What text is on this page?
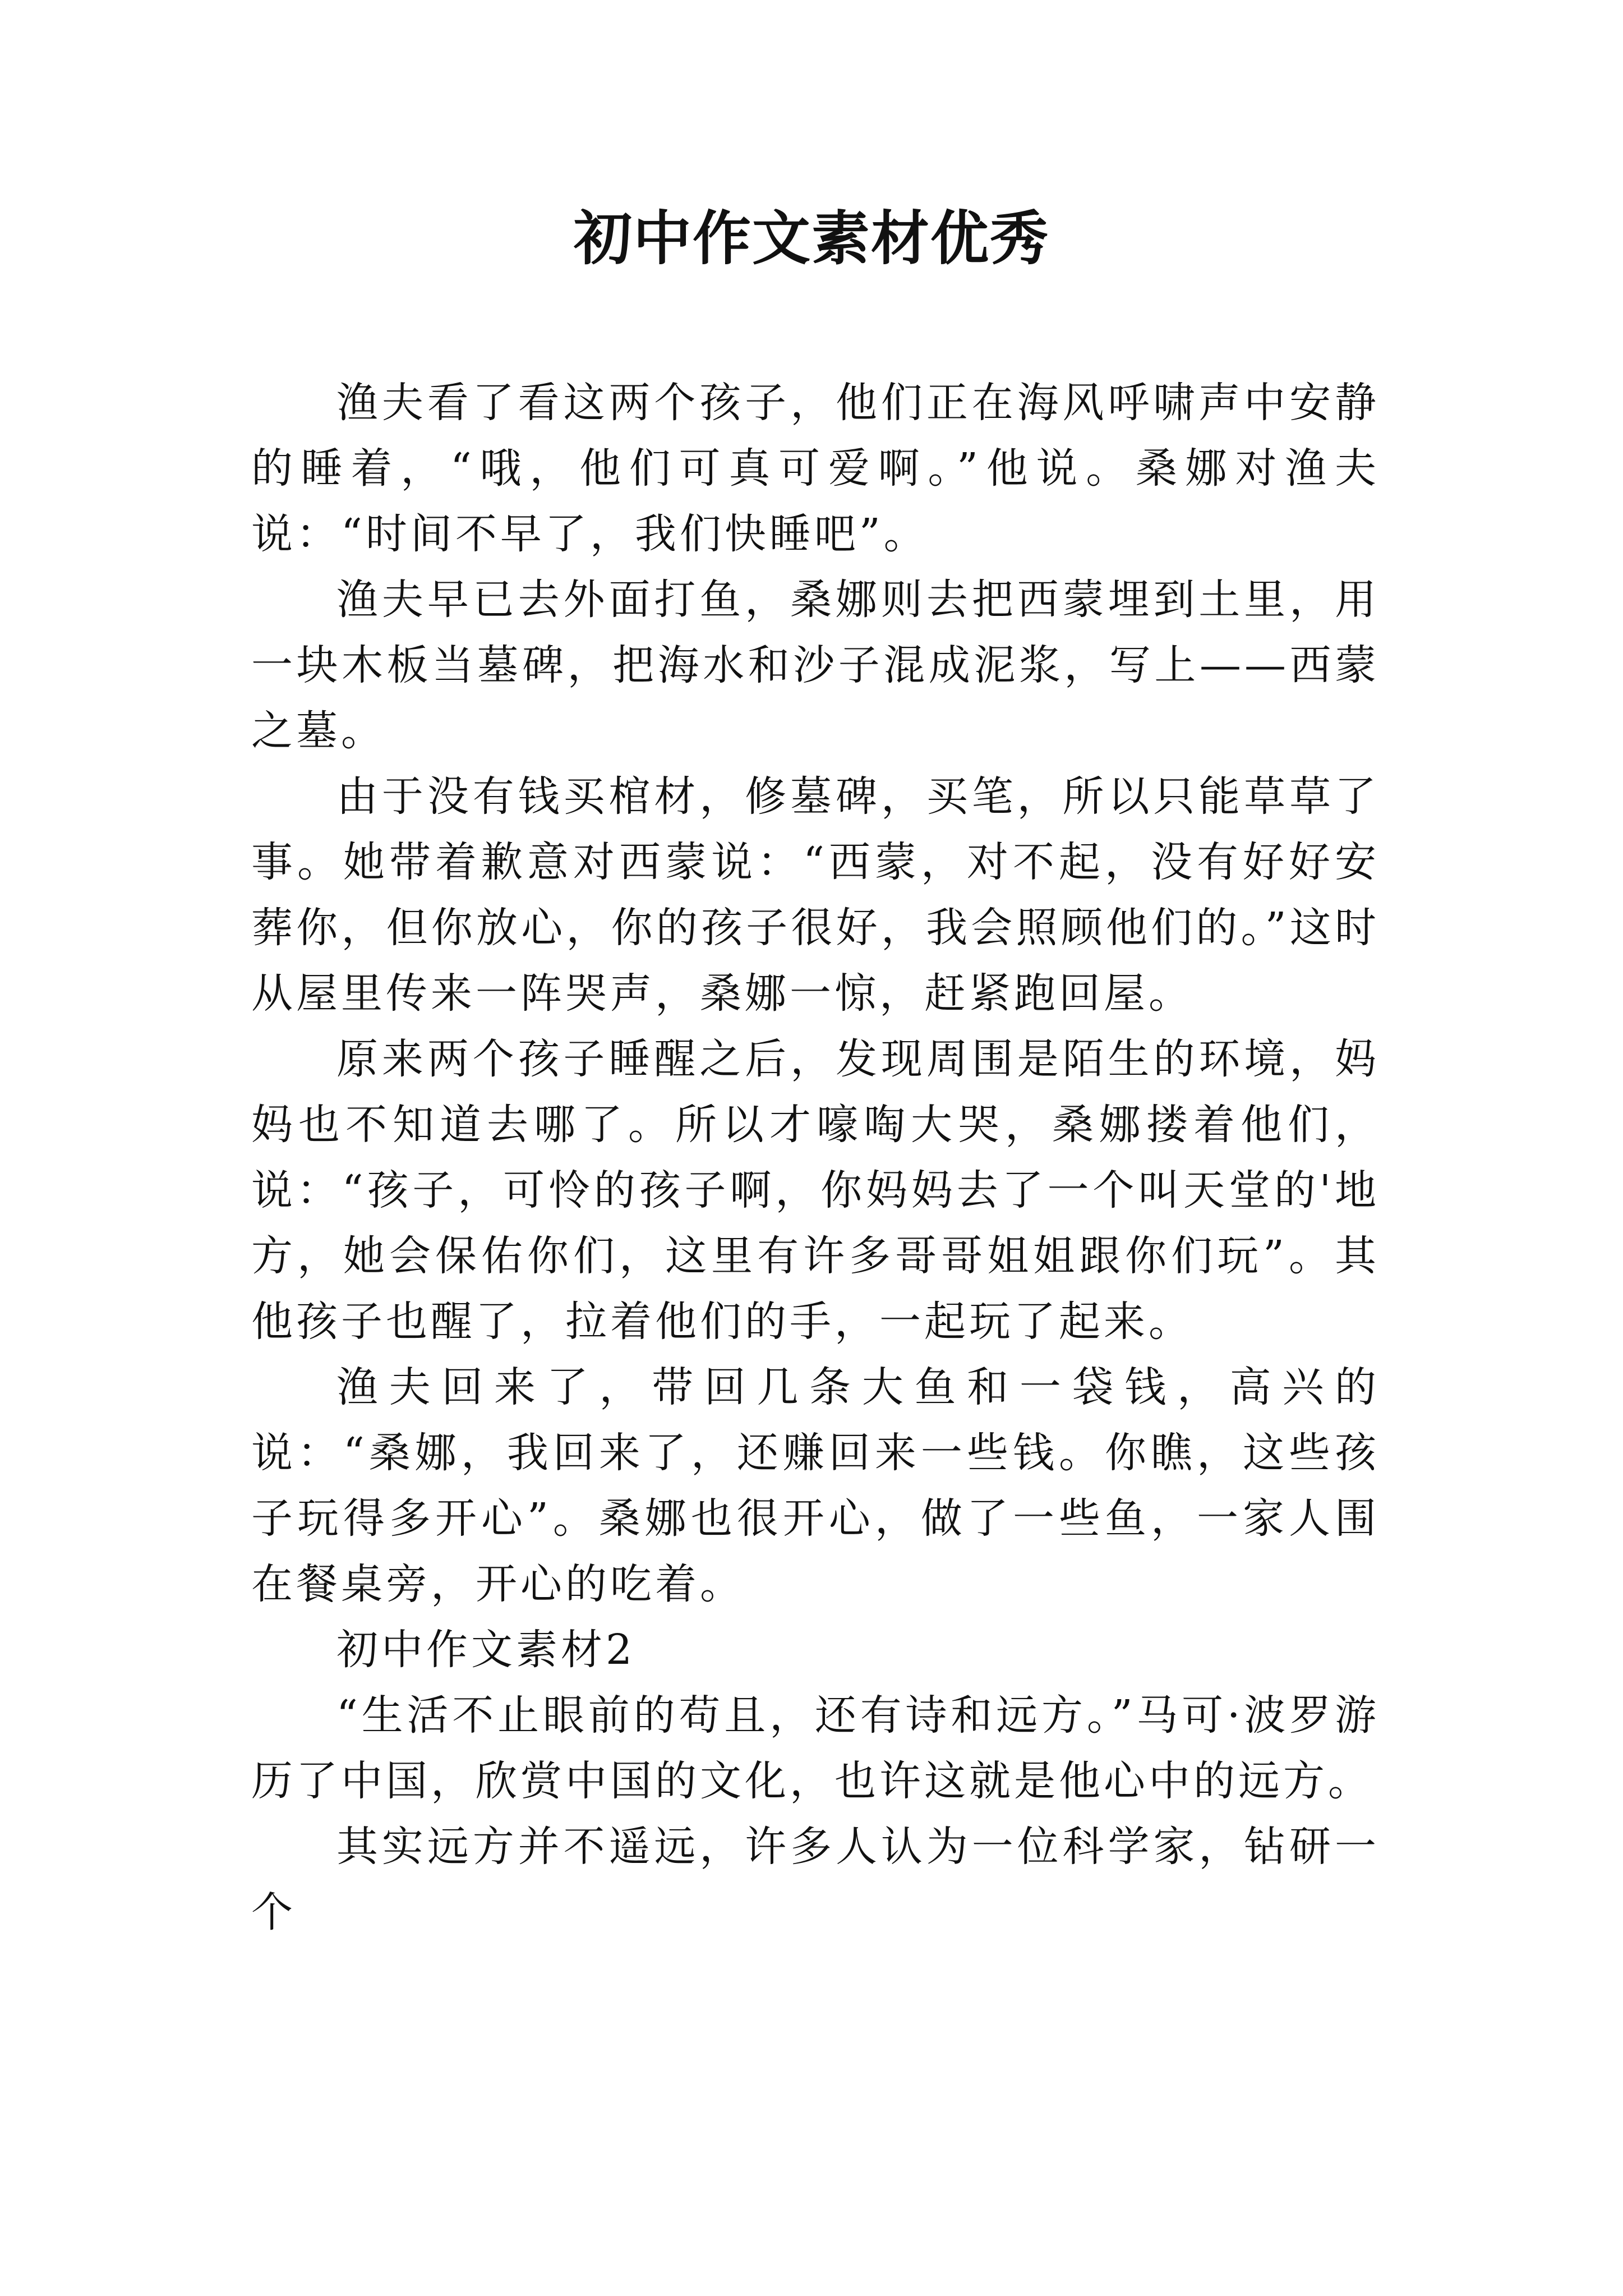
初中作文素材优秀

渔夫看了看这两个孩子，他们正在海风呼啸声中安静的睡着，“哦，他们可真可爱啊。”他说。桑娜对渔夫说：“时间不早了，我们快睡吧”。

渔夫早已去外面打鱼，桑娜则去把西蒙埋到土里，用一块木板当墓碑，把海水和沙子混成泥浆，写上——西蒙之墓。

由于没有钱买棺材，修墓碑，买笔，所以只能草草了事。她带着歉意对西蒙说：“西蒙，对不起，没有好好安葬你，但你放心，你的孩子很好，我会照顾他们的。”这时从屋里传来一阵哭声，桑娜一惊，赶紧跑回屋。

原来两个孩子睡醒之后，发现周围是陌生的环境，妈妈也不知道去哪了。所以才嚎啕大哭，桑娜搂着他们，说：“孩子，可怜的孩子啊，你妈妈去了一个叫天堂的'地方，她会保佑你们，这里有许多哥哥姐姐跟你们玩”。其他孩子也醒了，拉着他们的手，一起玩了起来。

渔夫回来了，带回几条大鱼和一袋钱，高兴的说：“桑娜，我回来了，还赚回来一些钱。你瞧，这些孩子玩得多开心”。桑娜也很开心，做了一些鱼，一家人围在餐桌旁，开心的吃着。

初中作文素材2

“生活不止眼前的苟且，还有诗和远方。”马可·波罗游历了中国，欣赏中国的文化，也许这就是他心中的远方。

其实远方并不遥远，许多人认为一位科学家，钻研一个
